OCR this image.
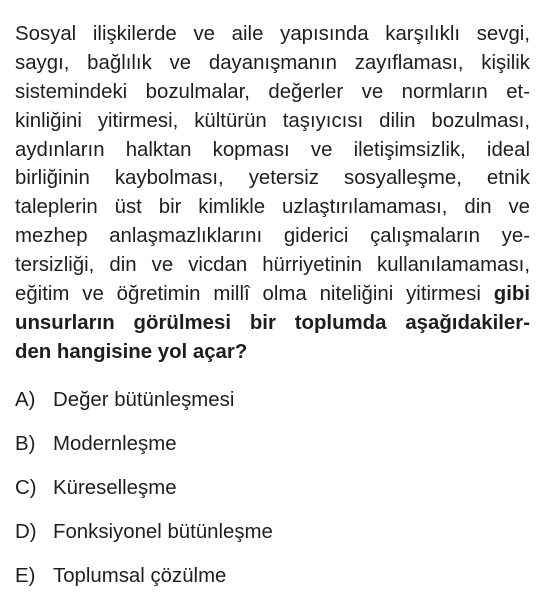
Sosyal ilişkilerde ve aile yapısında karşılıklı sevgi,
saygı, bağlılık ve dayanışmanın zayıflaması, kişilik
sistemindeki bozulmalar, değerler ve normların et-
kinliğini yitirmesi, kültürün taşıyıcısı dilin bozulması,
aydınların halktan kopması ve iletişimsizlik, ideal
birliğinin kaybolması, yetersiz sosyalleşme, etnik
taleplerin üst bir kimlikle uzlaştırılamaması, din ve
mezhep anlaşmazlıklarını giderici çalışmaların ye-
tersizliği, din ve vicdan hürriyetinin kullanılamaması,
eğitim ve öğretimin millî olma niteliğini yitirmesi gibi
unsurların görülmesi bir toplumda aşağıdakiler-
den hangisine yol açar?
A) Değer bütünleşmesi
B) Modernleşme
C) Küreselleşme
D) Fonksiyonel bütünleşme
E) Toplumsal çözülme
